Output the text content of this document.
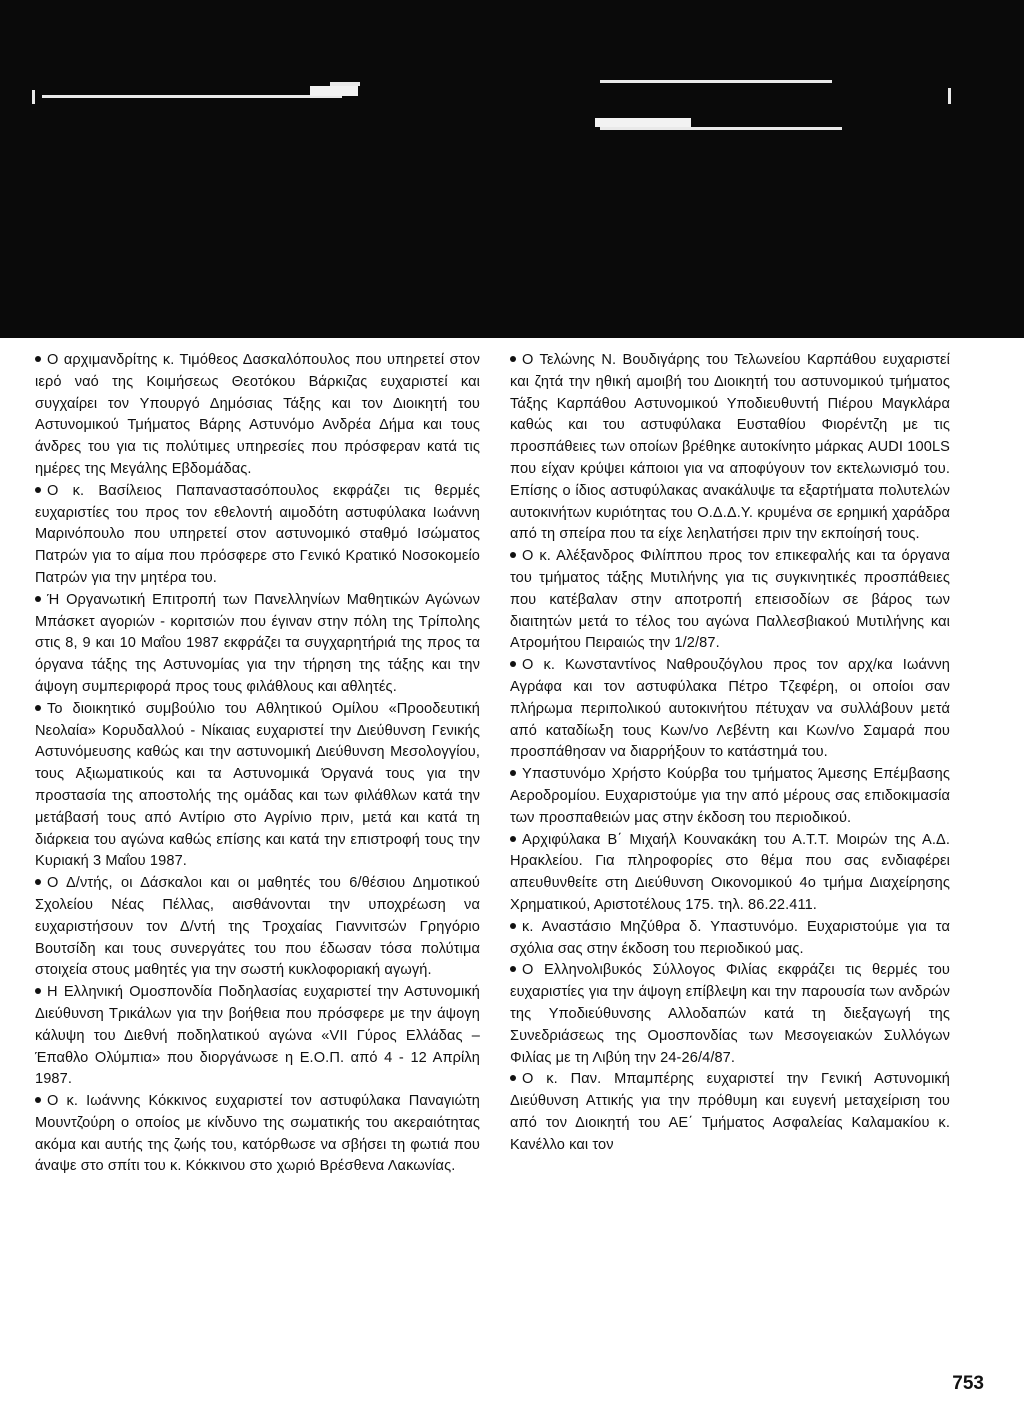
Ο αρχιμανδρίτης κ. Τιμόθεος Δασκαλόπουλος που υπηρετεί στον ιερό ναό της Κοιμήσεως Θεοτόκου Βάρκιζας ευχαριστεί και συγχαίρει τον Υπουργό Δημόσιας Τάξης και τον Διοικητή του Αστυνομικού Τμήματος Βάρης Αστυνόμο Ανδρέα Δήμα και τους άνδρες του για τις πολύτιμες υπηρεσίες που πρόσφεραν κατά τις ημέρες της Μεγάλης Εβδομάδας.

Ο κ. Βασίλειος Παπαναστασόπουλος εκφράζει τις θερμές ευχαριστίες του προς τον εθελοντή αιμοδότη αστυφύλακα Ιωάννη Μαρινόπουλο που υπηρετεί στον αστυνομικό σταθμό Ισώματος Πατρών για το αίμα που πρόσφερε στο Γενικό Κρατικό Νοσοκομείο Πατρών για την μητέρα του.

Ή Οργανωτική Επιτροπή των Πανελληνίων Μαθητικών Αγώνων Μπάσκετ αγοριών - κοριτσιών που έγιναν στην πόλη της Τρίπολης στις 8, 9 και 10 Μαΐου 1987 εκφράζει τα συγχαρητήριά της προς τα όργανα τάξης της Αστυνομίας για την τήρηση της τάξης και την άψογη συμπεριφορά προς τους φιλάθλους και αθλητές.

Το διοικητικό συμβούλιο του Αθλητικού Ομίλου «Προοδευτική Νεολαία» Κορυδαλλού - Νίκαιας ευχαριστεί την Διεύθυνση Γενικής Αστυνόμευσης καθώς και την αστυνομική Διεύθυνση Μεσολογγίου, τους Αξιωματικούς και τα Αστυνομικά Όργανά τους για την προστασία της αποστολής της ομάδας και των φιλάθλων κατά την μετάβασή τους από Αντίριο στο Αγρίνιο πριν, μετά και κατά τη διάρκεια του αγώνα καθώς επίσης και κατά την επιστροφή τους την Κυριακή 3 Μαΐου 1987.

Ο Δ/ντής, οι Δάσκαλοι και οι μαθητές του 6/θέσιου Δημοτικού Σχολείου Νέας Πέλλας, αισθάνονται την υποχρέωση να ευχαριστήσουν τον Δ/ντή της Τροχαίας Γιαννιτσών Γρηγόριο Βουτσίδη και τους συνεργάτες του που έδωσαν τόσα πολύτιμα στοιχεία στους μαθητές για την σωστή κυκλοφοριακή αγωγή.

Η Ελληνική Ομοσπονδία Ποδηλασίας ευχαριστεί την Αστυνομική Διεύθυνση Τρικάλων για την βοήθεια που πρόσφερε με την άψογη κάλυψη του Διεθνή ποδηλατικού αγώνα «VII Γύρος Ελλάδας – Έπαθλο Ολύμπια» που διοργάνωσε η Ε.Ο.Π. από 4 - 12 Απρίλη 1987.

Ο κ. Ιωάννης Κόκκινος ευχαριστεί τον αστυφύλακα Παναγιώτη Μουντζούρη ο οποίος με κίνδυνο της σωματικής του ακεραιότητας ακόμα και αυτής της ζωής του, κατόρθωσε να σβήσει τη φωτιά που άναψε στο σπίτι του κ. Κόκκινου στο χωριό Βρέσθενα Λακωνίας.

Ο Τελώνης Ν. Βουδιγάρης του Τελωνείου Καρπάθου ευχαριστεί και ζητά την ηθική αμοιβή του Διοικητή του αστυνομικού τμήματος Τάξης Καρπάθου Αστυνομικού Υποδιευθυντή Πιέρου Μαγκλάρα καθώς και του αστυφύλακα Ευσταθίου Φιορέντζη με τις προσπάθειες των οποίων βρέθηκε αυτοκίνητο μάρκας AUDI 100LS που είχαν κρύψει κάποιοι για να αποφύγουν τον εκτελωνισμό του. Επίσης ο ίδιος αστυφύλακας ανακάλυψε τα εξαρτήματα πολυτελών αυτοκινήτων κυριότητας του Ο.Δ.Δ.Υ. κρυμένα σε ερημική χαράδρα από τη σπείρα που τα είχε λεηλατήσει πριν την εκποίησή τους.

Ο κ. Αλέξανδρος Φιλίππου προς τον επικεφαλής και τα όργανα του τμήματος τάξης Μυτιλήνης για τις συγκινητικές προσπάθειες που κατέβαλαν στην αποτροπή επεισοδίων σε βάρος των διαιτητών μετά το τέλος του αγώνα Παλλεσβιακού Μυτιλήνης και Ατρομήτου Πειραιώς την 1/2/87.

Ο κ. Κωνσταντίνος Ναθρουζόγλου προς τον αρχ/κα Ιωάννη Αγράφα και τον αστυφύλακα Πέτρο Τζεφέρη, οι οποίοι σαν πλήρωμα περιπολικού αυτοκινήτου πέτυχαν να συλλάβουν μετά από καταδίωξη τους Κων/νο Λεβέντη και Κων/νο Σαμαρά που προσπάθησαν να διαρρήξουν το κατάστημά του.

Υπαστυνόμο Χρήστο Κούρβα του τμήματος Άμεσης Επέμβασης Αεροδρομίου. Ευχαριστούμε για την από μέρους σας επιδοκιμασία των προσπαθειών μας στην έκδοση του περιοδικού.

Αρχιφύλακα Β΄ Μιχαήλ Κουνακάκη του Α.Τ.Τ. Μοιρών της Α.Δ. Ηρακλείου. Για πληροφορίες στο θέμα που σας ενδιαφέρει απευθυνθείτε στη Διεύθυνση Οικονομικού 4ο τμήμα Διαχείρησης Χρηματικού, Αριστοτέλους 175. τηλ. 86.22.411.

κ. Αναστάσιο Μηζύθρα δ. Υπαστυνόμο. Ευχαριστούμε για τα σχόλια σας στην έκδοση του περιοδικού μας.

Ο Ελληνολιβυκός Σύλλογος Φιλίας εκφράζει τις θερμές του ευχαριστίες για την άψογη επίβλεψη και την παρουσία των ανδρών της Υποδιεύθυνσης Αλλοδαπών κατά τη διεξαγωγή της Συνεδριάσεως της Ομοσπονδίας των Μεσογειακών Συλλόγων Φιλίας με τη Λιβύη την 24-26/4/87.

Ο κ. Παν. Μπαμπέρης ευχαριστεί την Γενική Αστυνομική Διεύθυνση Αττικής για την πρόθυμη και ευγενή μεταχείριση του από τον Διοικητή του ΑΕ΄ Τμήματος Ασφαλείας Καλαμακίου κ. Κανέλλο και τον

753
